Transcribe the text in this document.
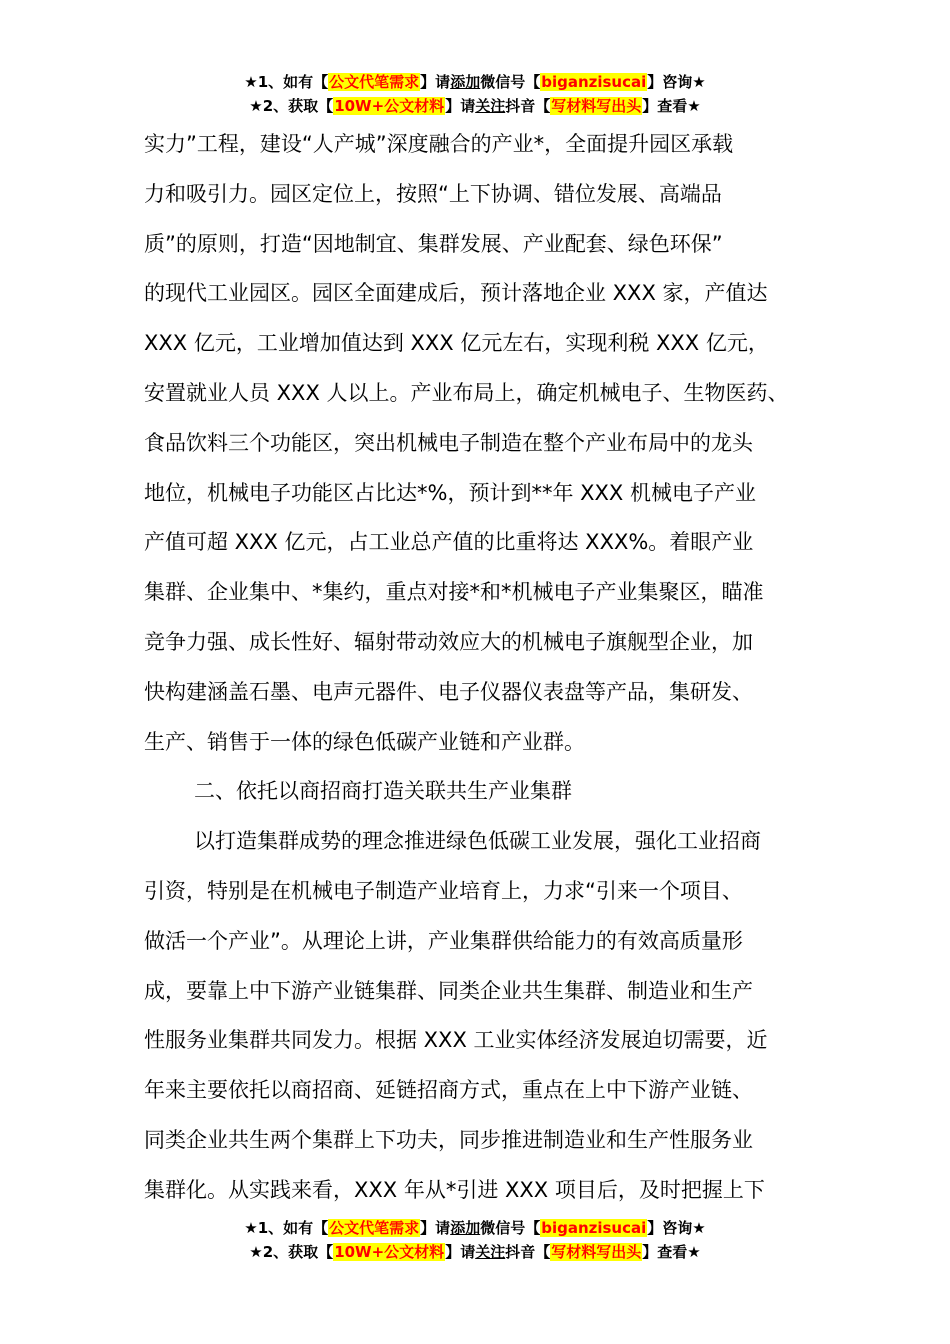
★1、如有【公文代笔需求】请添加微信号【biganzisucai】咨询★
★2、获取【10W+公文材料】请关注抖音【写材料写出头】查看★
实力”工程，建设“人产城”深度融合的产业*，全面提升园区承载
力和吸引力。园区定位上，按照“上下协调、错位发展、高端品
质”的原则，打造“因地制宜、集群发展、产业配套、绿色环保”
的现代工业园区。园区全面建成后，预计落地企业 XXX 家，产值达
XXX 亿元，工业增加值达到 XXX 亿元左右，实现利税 XXX 亿元，
安置就业人员 XXX 人以上。产业布局上，确定机械电子、生物医药、
食品饮料三个功能区，突出机械电子制造在整个产业布局中的龙头
地位，机械电子功能区占比达*%，预计到**年 XXX 机械电子产业
产值可超 XXX 亿元，占工业总产值的比重将达 XXX%。着眼产业
集群、企业集中、*集约，重点对接*和*机械电子产业集聚区，瞄准
竞争力强、成长性好、辐射带动效应大的机械电子旗舰型企业，加
快构建涵盖石墨、电声元器件、电子仪器仪表盘等产品，集研发、
生产、销售于一体的绿色低碳产业链和产业群。
二、依托以商招商打造关联共生产业集群
以打造集群成势的理念推进绿色低碳工业发展，强化工业招商
引资，特别是在机械电子制造产业培育上，力求“引来一个项目、
做活一个产业”。从理论上讲，产业集群供给能力的有效高质量形
成，要靠上中下游产业链集群、同类企业共生集群、制造业和生产
性服务业集群共同发力。根据 XXX 工业实体经济发展迫切需要，近
年来主要依托以商招商、延链招商方式，重点在上中下游产业链、
同类企业共生两个集群上下功夫，同步推进制造业和生产性服务业
集群化。从实践来看，XXX 年从*引进 XXX 项目后，及时把握上下
★1、如有【公文代笔需求】请添加微信号【biganzisucai】咨询★
★2、获取【10W+公文材料】请关注抖音【写材料写出头】查看★
